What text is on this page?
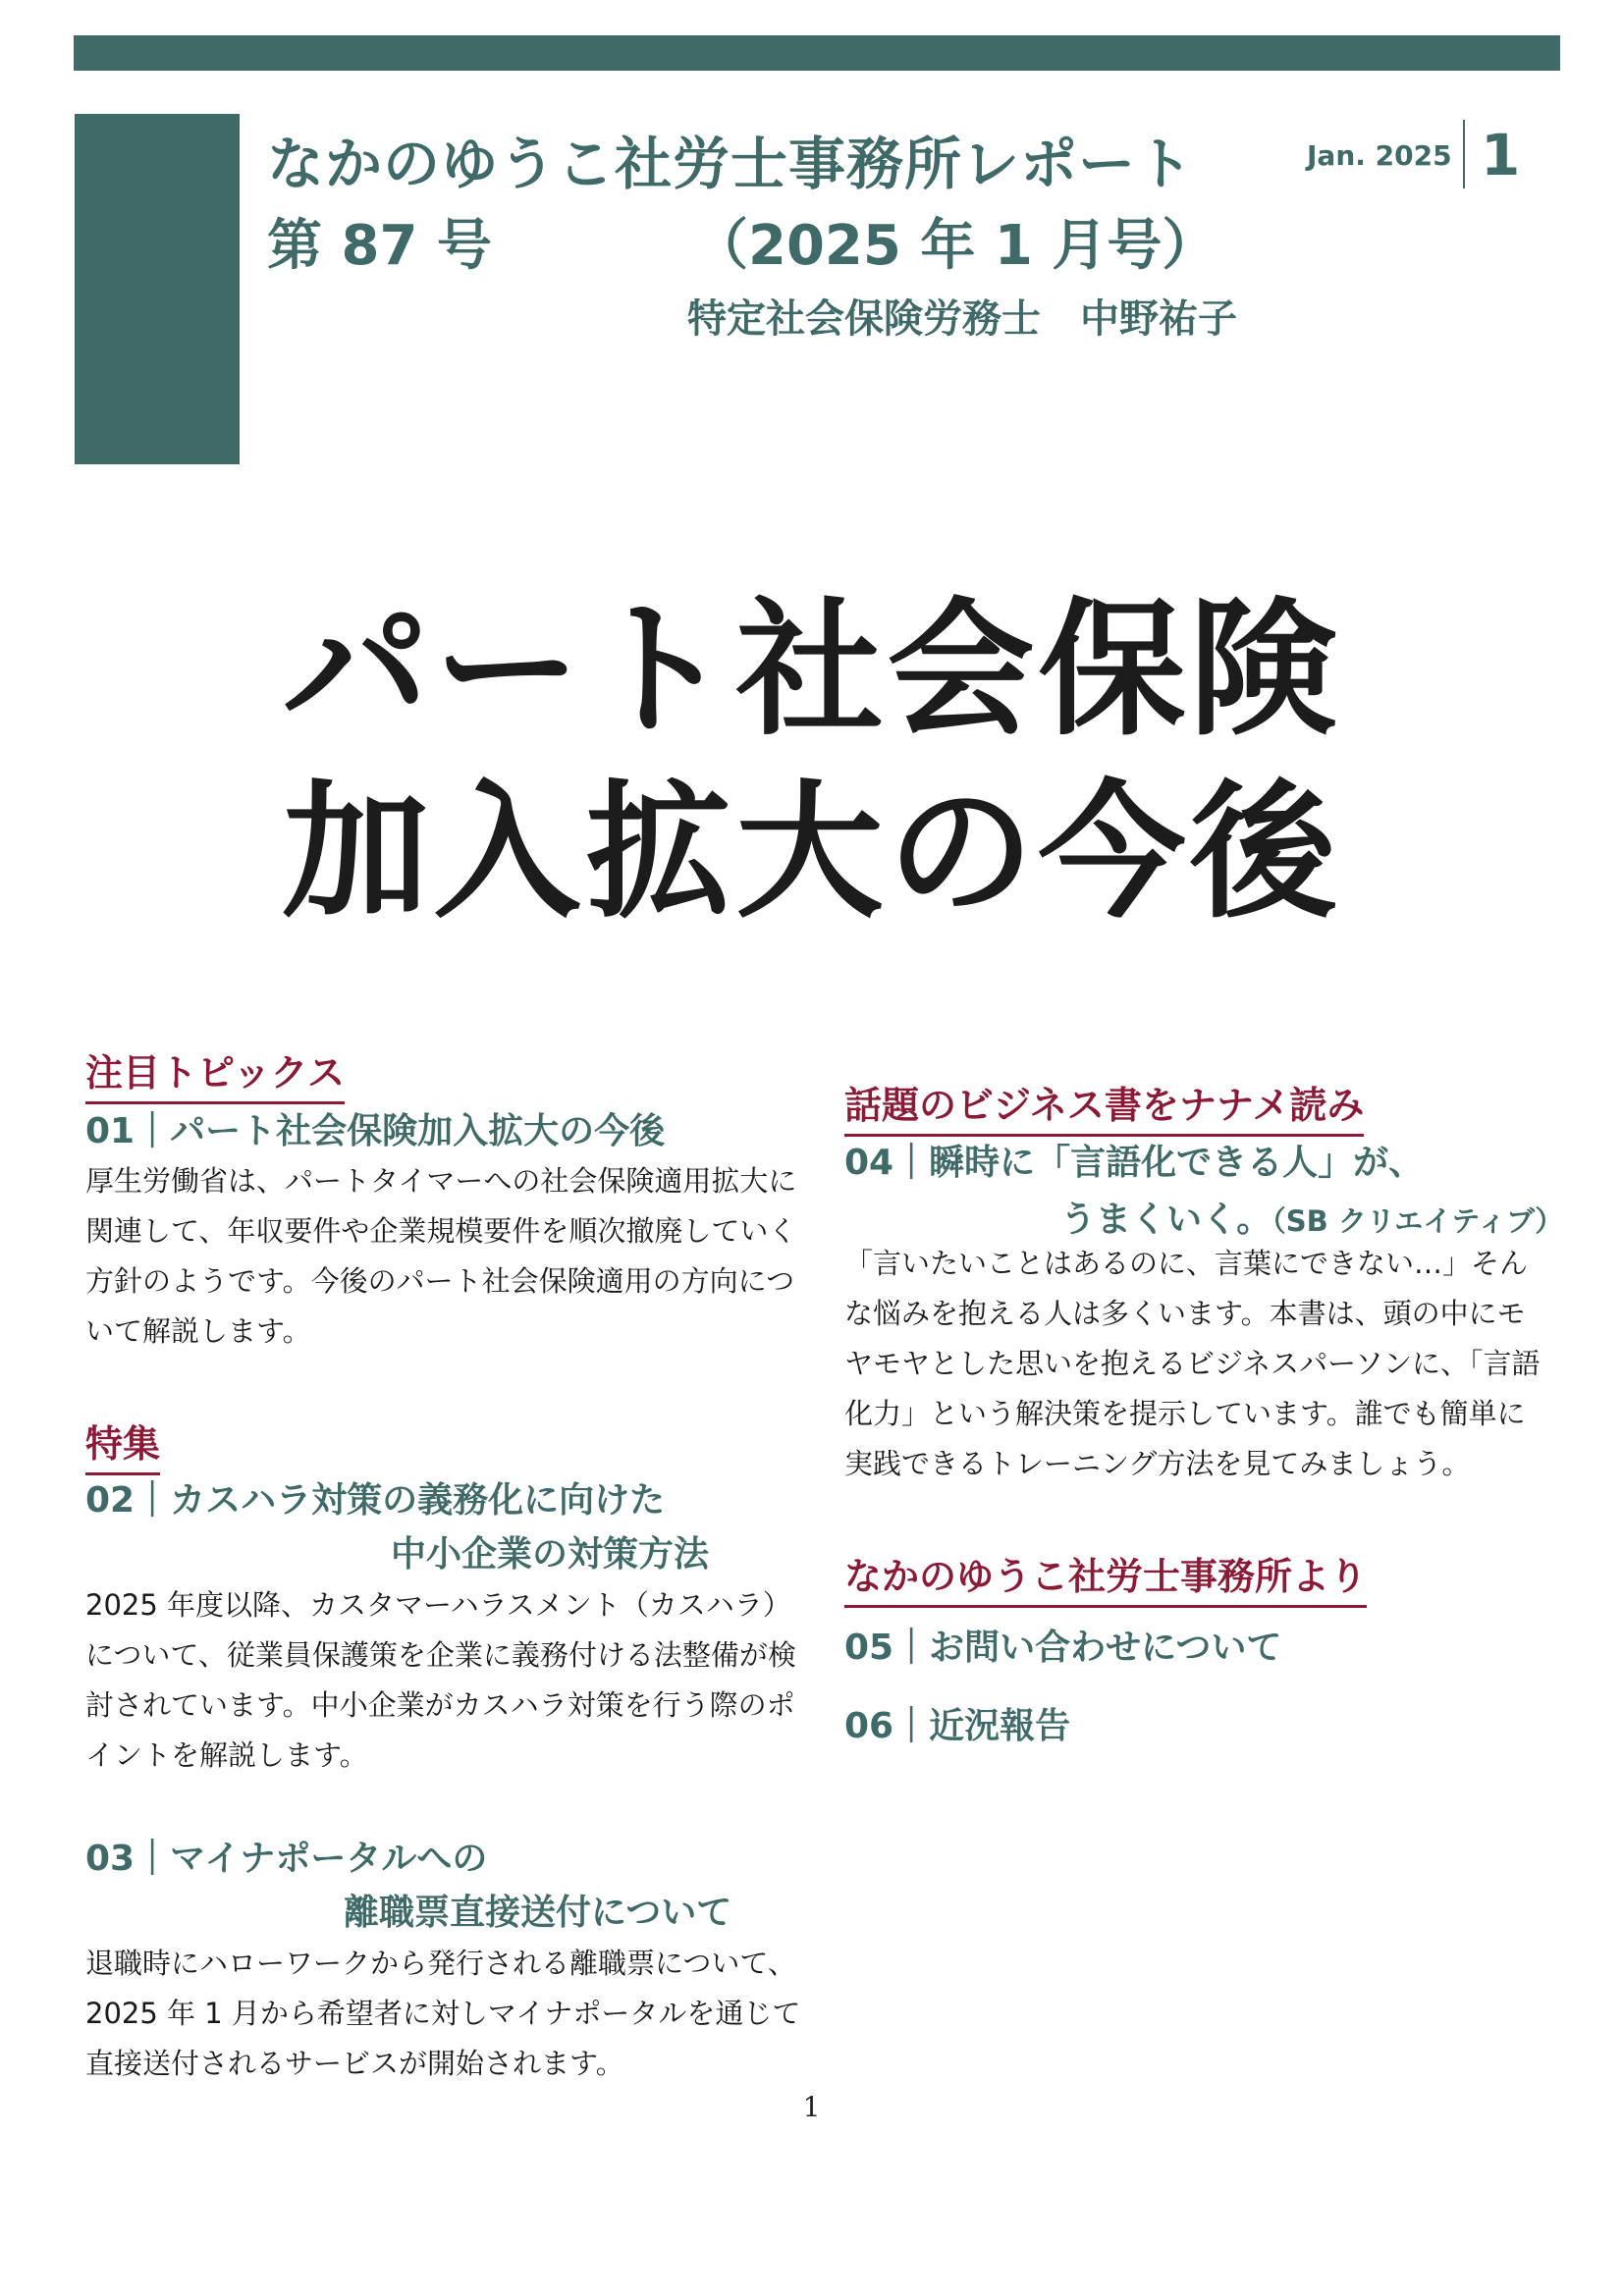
なかのゆうこ社労士事務所レポート
第 87 号	（2025 年 1 月号）
特定社会保険労務士　中野祐子
Jan. 2025 1
パート社会保険
加入拡大の今後
注目トピックス
01｜パート社会保険加入拡大の今後
厚生労働省は、パートタイマーへの社会保険適用拡大に
関連して、年収要件や企業規模要件を順次撤廃していく
方針のようです。今後のパート社会保険適用の方向につ
いて解説します。
特集
02｜カスハラ対策の義務化に向けた
中小企業の対策方法
2025 年度以降、カスタマーハラスメント（カスハラ）
について、従業員保護策を企業に義務付ける法整備が検
討されています。中小企業がカスハラ対策を行う際のポ
イントを解説します。
03｜マイナポータルへの
離職票直接送付について
退職時にハローワークから発行される離職票について、
2025 年 1 月から希望者に対しマイナポータルを通じて
直接送付されるサービスが開始されます。
話題のビジネス書をナナメ読み
04｜瞬時に「言語化できる人」が、
うまくいく。（SB クリエイティブ）
「言いたいことはあるのに、言葉にできない…」そん
な悩みを抱える人は多くいます。本書は、頭の中にモ
ヤモヤとした思いを抱えるビジネスパーソンに、「言語
化力」という解決策を提示しています。誰でも簡単に
実践できるトレーニング方法を見てみましょう。
なかのゆうこ社労士事務所より
05｜お問い合わせについて
06｜近況報告
1
